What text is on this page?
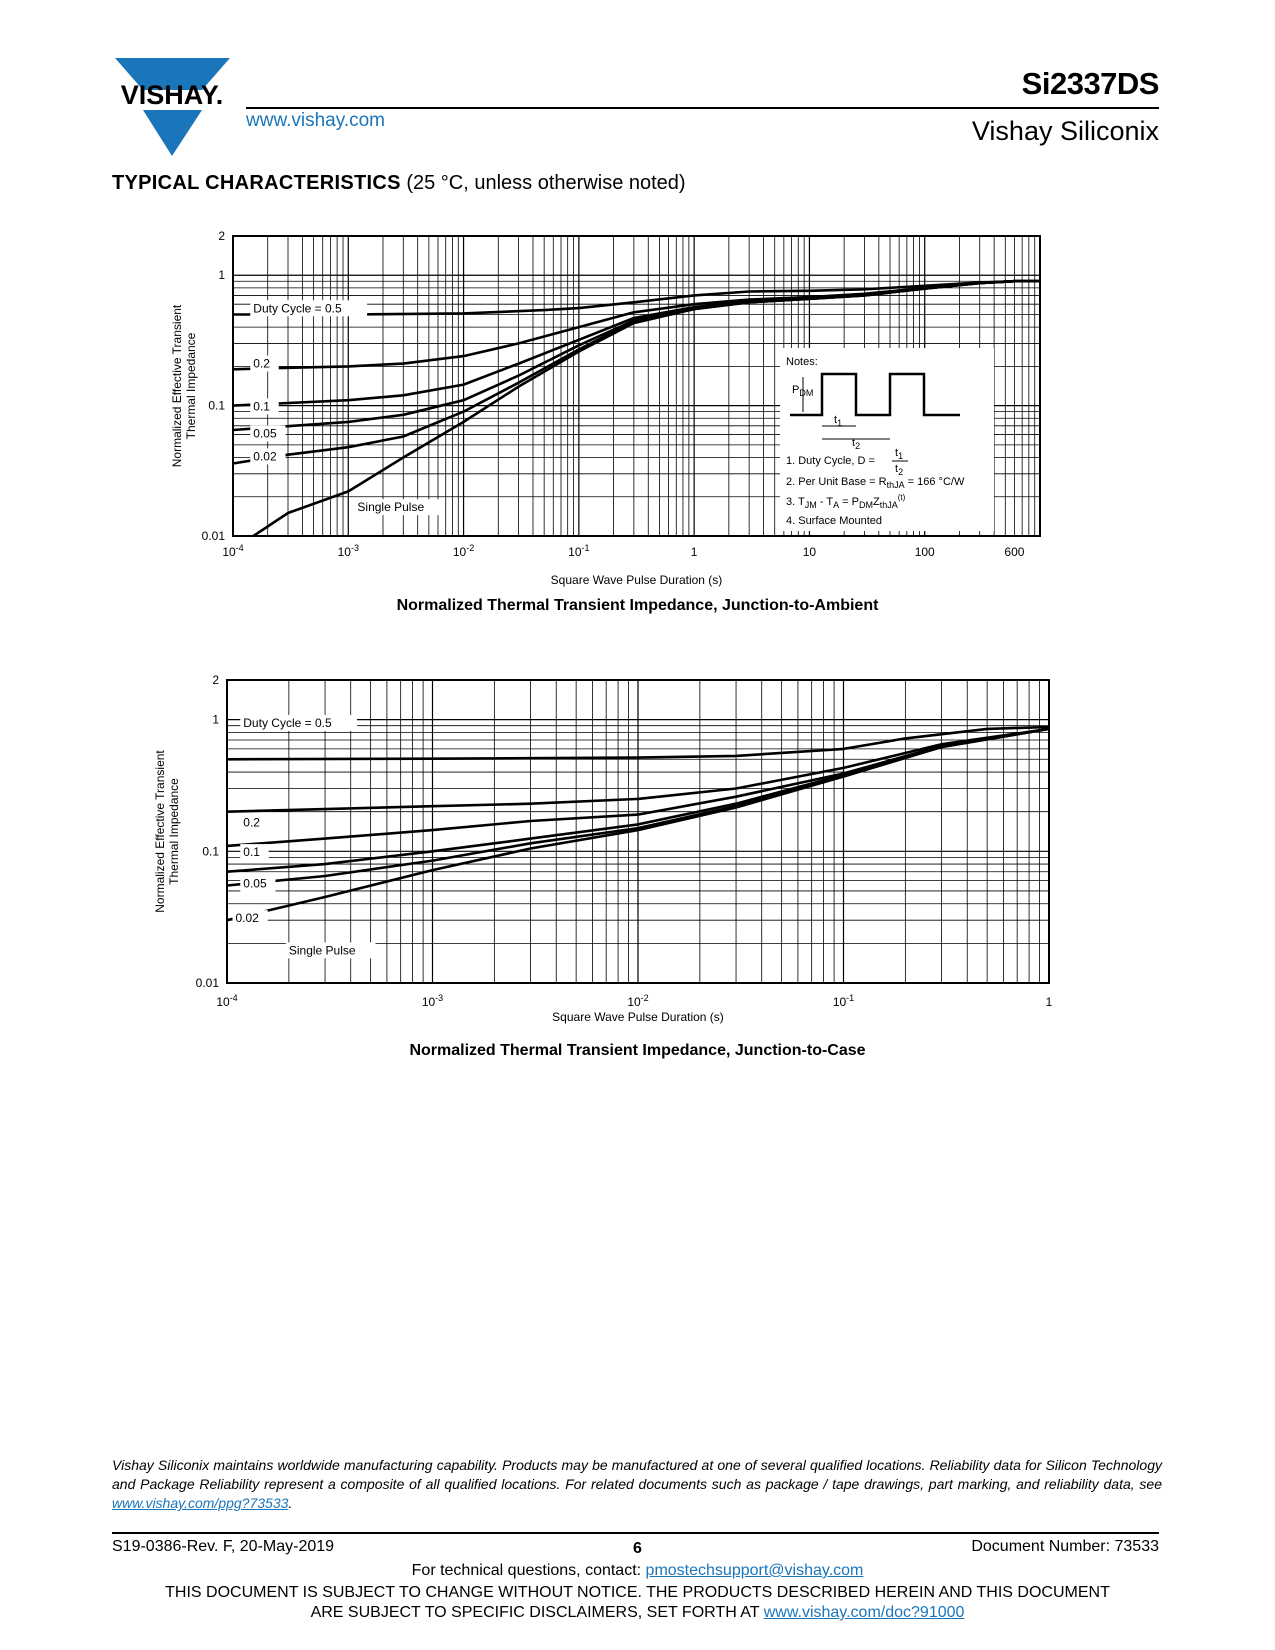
VISHAY.
www.vishay.com
Si2337DS
Vishay Siliconix
TYPICAL CHARACTERISTICS (25 °C, unless otherwise noted)
$10^{-4}$	$10^{-3}$	$10^{-2}$	$10^{-1}$	1	10	100	600
2
1
0.1
0.01
Square Wave Pulse Duration (s)
Normalized Effective Transient Thermal Impedance
Duty Cycle = 0.5
0.2
0.1
0.05
0.02
Single Pulse
Notes:
$P_{DM}$
$t_1$
$t_2$
1. Duty Cycle, D =
$t_1$
$t_2$
2. Per Unit Base = $R_{thJA} = 166$ °C/W
3. $T_{JM} - T_A = P_{DM}Z_{thJA}^{(t)}$
4. Surface Mounted
Normalized Thermal Transient Impedance, Junction-to-Ambient
$10^{-4}$	$10^{-3}$	$10^{-2}$	$10^{-1}$	1
2
1
0.1
0.01
Square Wave Pulse Duration (s)
Normalized Effective Transient Thermal Impedance
Duty Cycle = 0.5
0.2
0.1
0.05
0.02
Single Pulse
Normalized Thermal Transient Impedance, Junction-to-Case
Vishay Siliconix maintains worldwide manufacturing capability. Products may be manufactured at one of several qualified locations. Reliability data for Silicon Technology and Package Reliability represent a composite of all qualified locations. For related documents such as package / tape drawings, part marking, and reliability data, see www.vishay.com/ppg?73533.
S19-0386-Rev. F, 20-May-2019	6	Document Number: 73533
For technical questions, contact: pmostechsupport@vishay.com
THIS DOCUMENT IS SUBJECT TO CHANGE WITHOUT NOTICE. THE PRODUCTS DESCRIBED HEREIN AND THIS DOCUMENT
ARE SUBJECT TO SPECIFIC DISCLAIMERS, SET FORTH AT www.vishay.com/doc?91000
